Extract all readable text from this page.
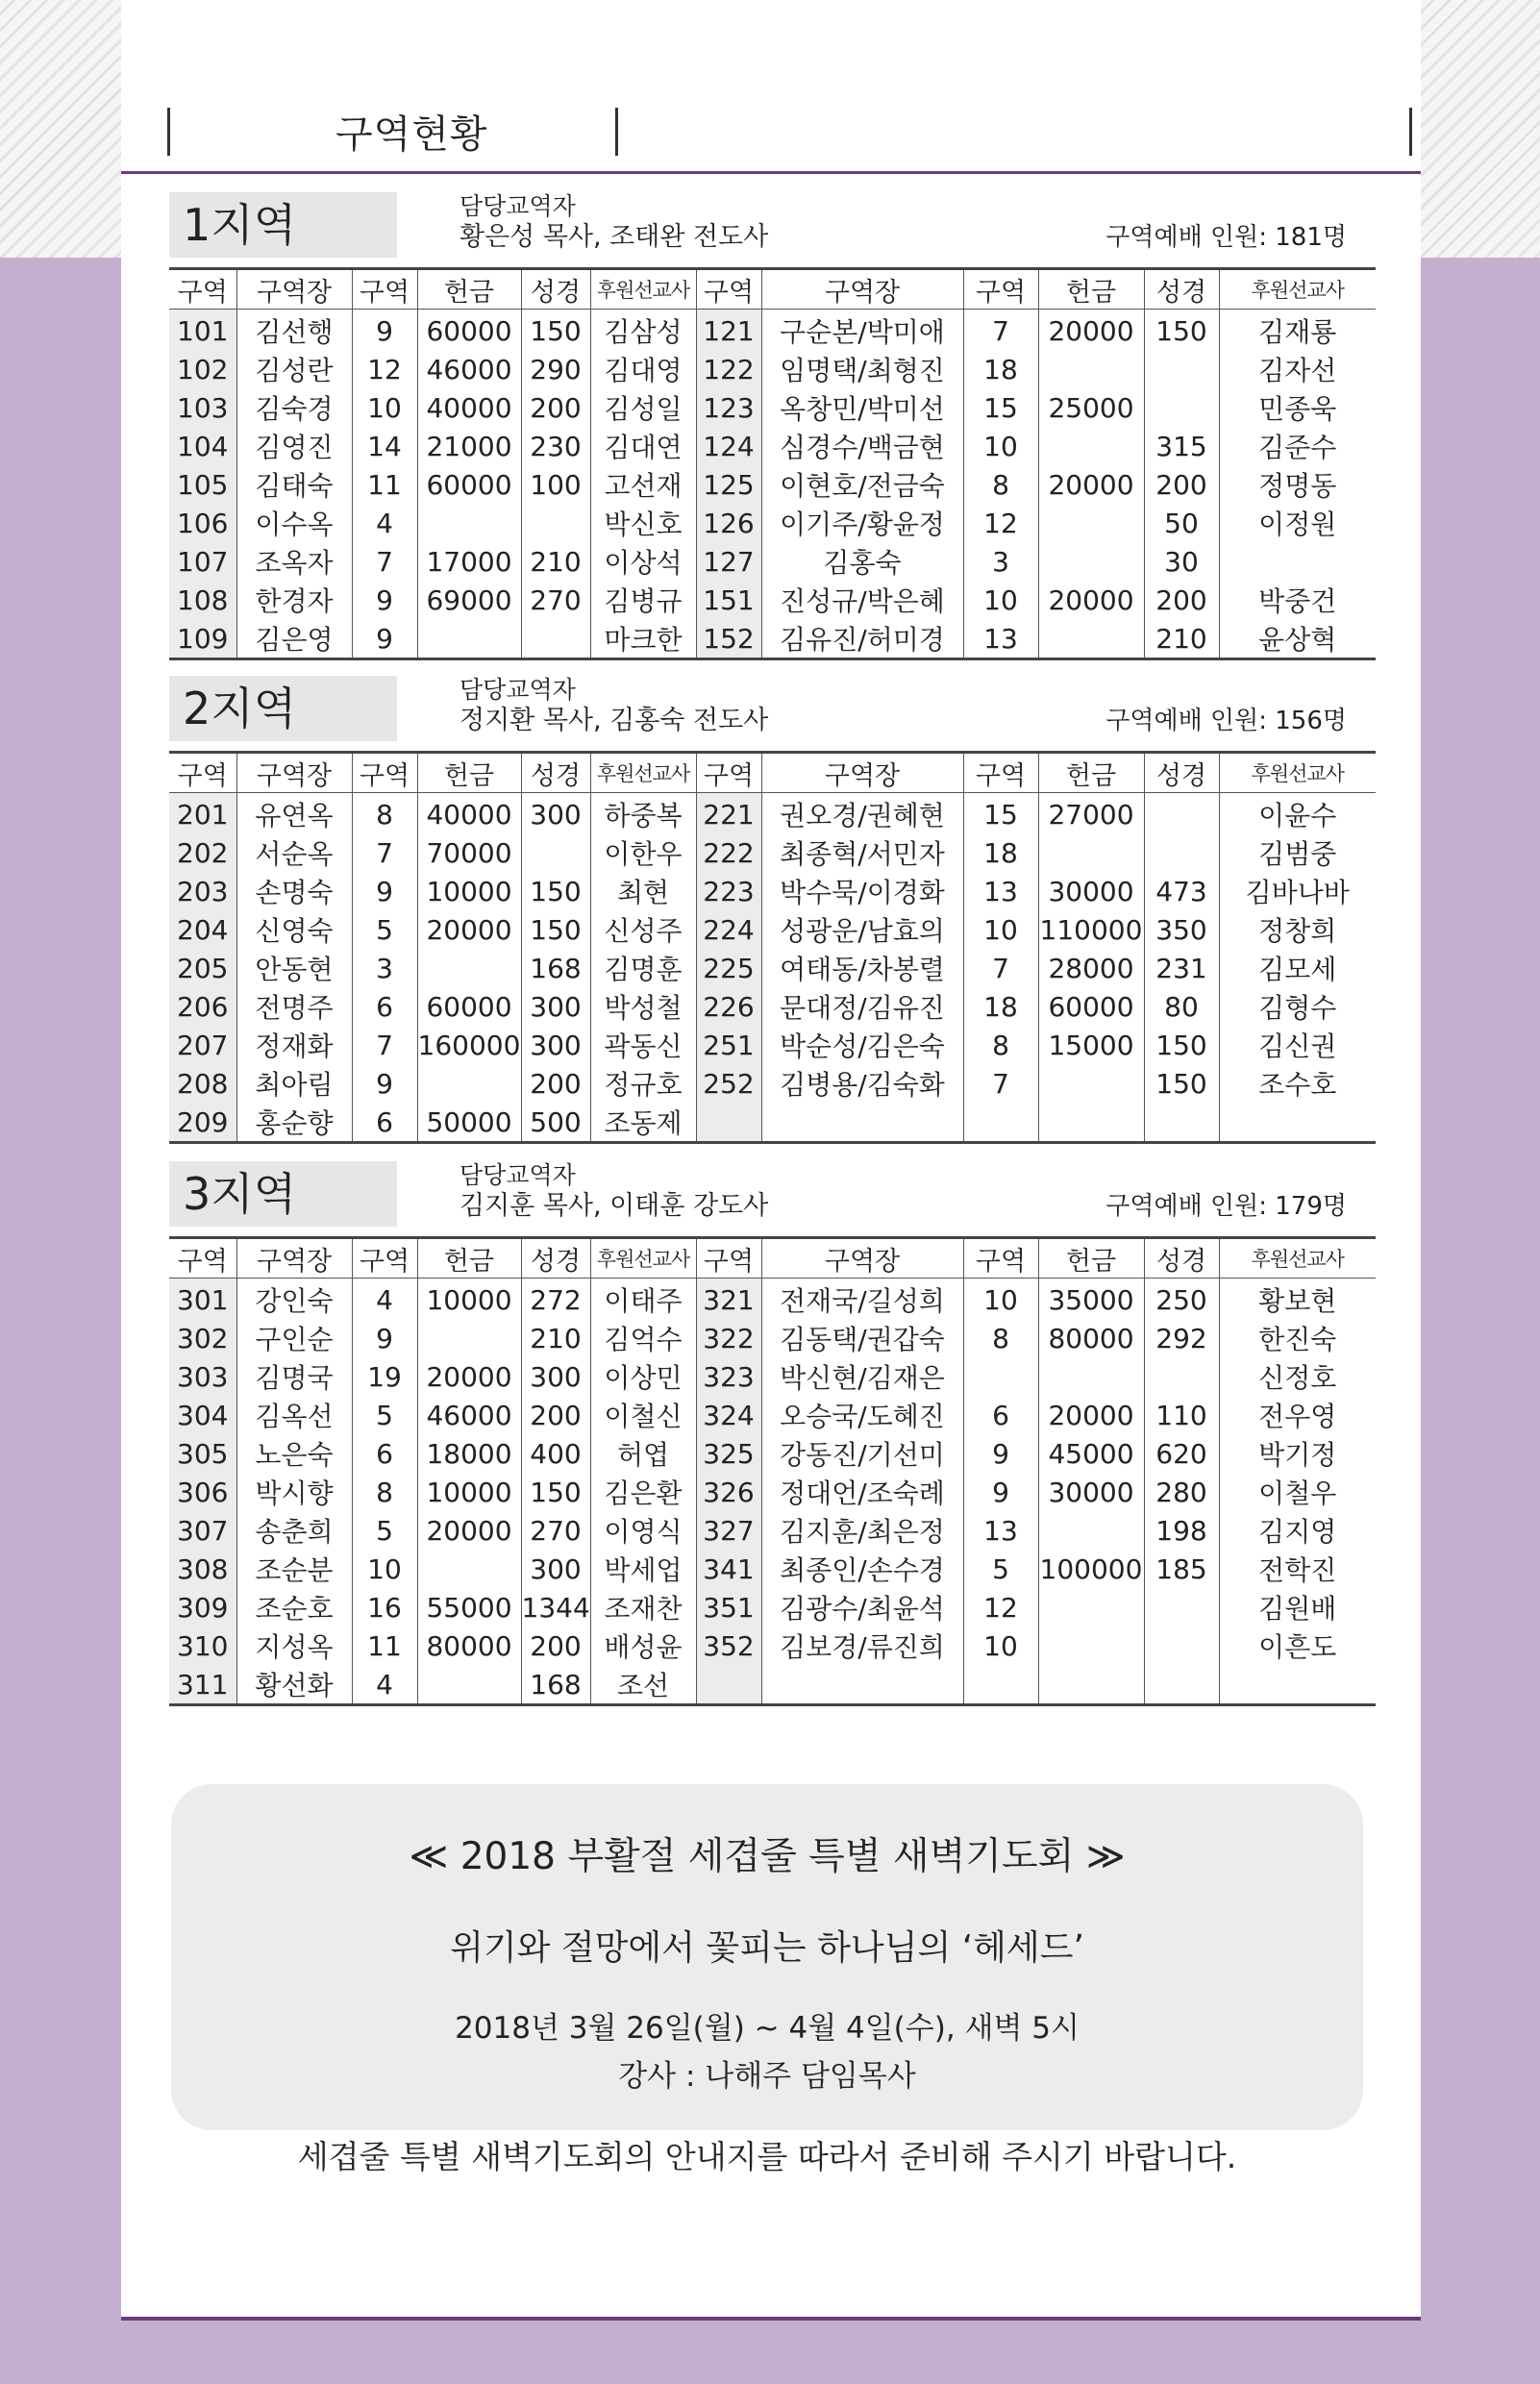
구역현황
1지역	담당교역자
황은성 목사, 조태완 전도사	구역예배 인원: 181명
구역	구역장	구역	헌금	성경	후원선교사	구역	구역장	구역	헌금	성경	후원선교사
101	김선행	9	60000	150	김삼성	121	구순본/박미애	7	20000	150	김재룡
102	김성란	12	46000	290	김대영	122	임명택/최형진	18			김자선
103	김숙경	10	40000	200	김성일	123	옥창민/박미선	15	25000		민종욱
104	김영진	14	21000	230	김대연	124	심경수/백금현	10		315	김준수
105	김태숙	11	60000	100	고선재	125	이현호/전금숙	8	20000	200	정명동
106	이수옥	4			박신호	126	이기주/황윤정	12		50	이정원
107	조옥자	7	17000	210	이상석	127	김홍숙	3		30	
108	한경자	9	69000	270	김병규	151	진성규/박은혜	10	20000	200	박중건
109	김은영	9			마크한	152	김유진/허미경	13		210	윤상혁
2지역	담당교역자
정지환 목사, 김홍숙 전도사	구역예배 인원: 156명
구역	구역장	구역	헌금	성경	후원선교사	구역	구역장	구역	헌금	성경	후원선교사
201	유연옥	8	40000	300	하중복	221	권오경/권혜현	15	27000		이윤수
202	서순옥	7	70000		이한우	222	최종혁/서민자	18			김범중
203	손명숙	9	10000	150	최현	223	박수묵/이경화	13	30000	473	김바나바
204	신영숙	5	20000	150	신성주	224	성광운/남효의	10	110000	350	정창희
205	안동현	3		168	김명훈	225	여태동/차봉렬	7	28000	231	김모세
206	전명주	6	60000	300	박성철	226	문대정/김유진	18	60000	80	김형수
207	정재화	7	160000	300	곽동신	251	박순성/김은숙	8	15000	150	김신권
208	최아림	9		200	정규호	252	김병용/김숙화	7		150	조수호
209	홍순향	6	50000	500	조동제						
3지역	담당교역자
김지훈 목사, 이태훈 강도사	구역예배 인원: 179명
구역	구역장	구역	헌금	성경	후원선교사	구역	구역장	구역	헌금	성경	후원선교사
301	강인숙	4	10000	272	이태주	321	전재국/길성희	10	35000	250	황보현
302	구인순	9		210	김억수	322	김동택/권갑숙	8	80000	292	한진숙
303	김명국	19	20000	300	이상민	323	박신현/김재은				신정호
304	김옥선	5	46000	200	이철신	324	오승국/도혜진	6	20000	110	전우영
305	노은숙	6	18000	400	허엽	325	강동진/기선미	9	45000	620	박기정
306	박시향	8	10000	150	김은환	326	정대언/조숙례	9	30000	280	이철우
307	송춘희	5	20000	270	이영식	327	김지훈/최은정	13		198	김지영
308	조순분	10		300	박세업	341	최종인/손수경	5	100000	185	전학진
309	조순호	16	55000	1344	조재찬	351	김광수/최윤석	12			김원배
310	지성옥	11	80000	200	배성윤	352	김보경/류진희	10			이흔도
311	황선화	4		168	조선						
≪ 2018 부활절 세겹줄 특별 새벽기도회 ≫
위기와 절망에서 꽃피는 하나님의 ‘헤세드’
2018년 3월 26일(월) ~ 4월 4일(수), 새벽 5시
강사 : 나해주 담임목사
세겹줄 특별 새벽기도회의 안내지를 따라서 준비해 주시기 바랍니다.
